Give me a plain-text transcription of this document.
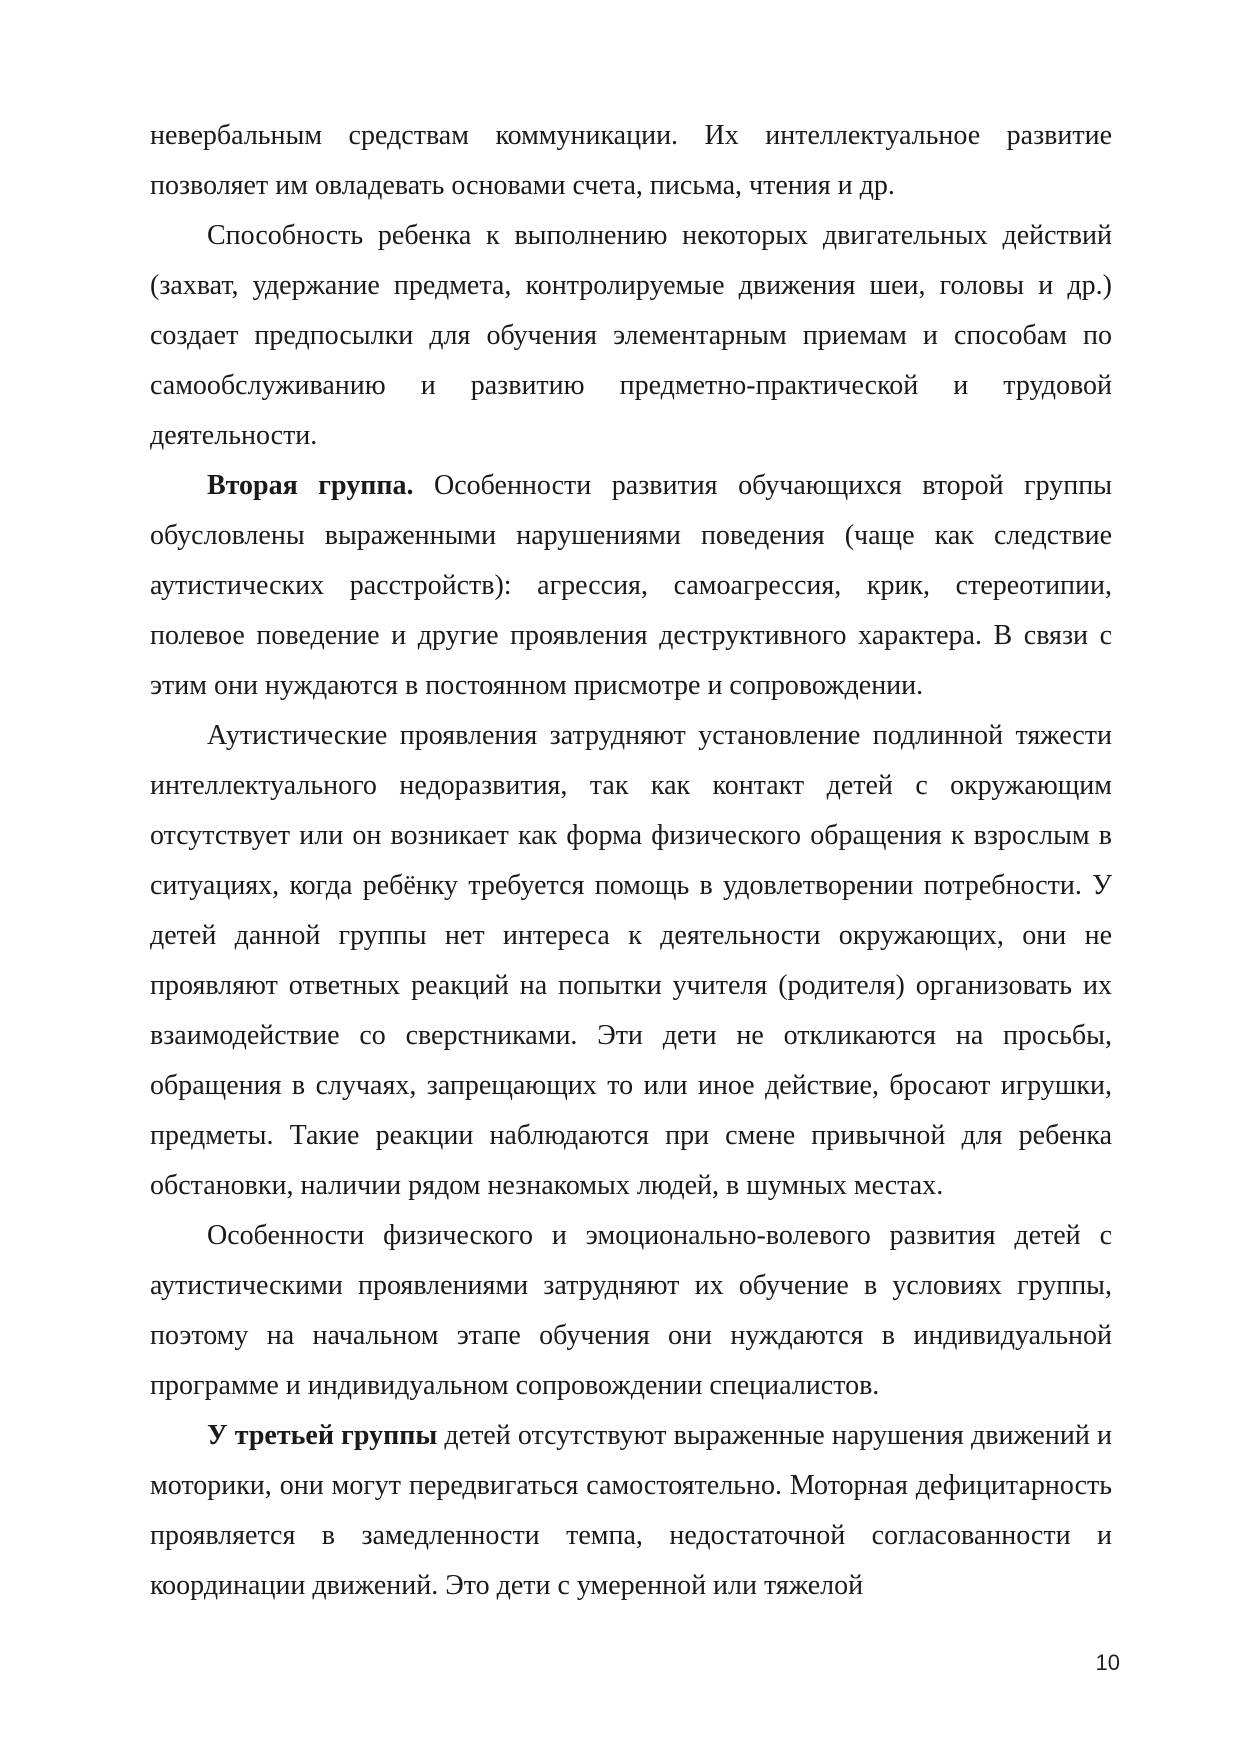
невербальным средствам коммуникации. Их интеллектуальное развитие позволяет им овладевать основами счета, письма, чтения и др.

Способность ребенка к выполнению некоторых двигательных действий (захват, удержание предмета, контролируемые движения шеи, головы и др.) создает предпосылки для обучения элементарным приемам и способам по самообслуживанию и развитию предметно-практической и трудовой деятельности.

Вторая группа. Особенности развития обучающихся второй группы обусловлены выраженными нарушениями поведения (чаще как следствие аутистических расстройств): агрессия, самоагрессия, крик, стереотипии, полевое поведение и другие проявления деструктивного характера. В связи с этим они нуждаются в постоянном присмотре и сопровождении.

Аутистические проявления затрудняют установление подлинной тяжести интеллектуального недоразвития, так как контакт детей с окружающим отсутствует или он возникает как форма физического обращения к взрослым в ситуациях, когда ребёнку требуется помощь в удовлетворении потребности. У детей данной группы нет интереса к деятельности окружающих, они не проявляют ответных реакций на попытки учителя (родителя) организовать их взаимодействие со сверстниками. Эти дети не откликаются на просьбы, обращения в случаях, запрещающих то или иное действие, бросают игрушки, предметы. Такие реакции наблюдаются при смене привычной для ребенка обстановки, наличии рядом незнакомых людей, в шумных местах.

Особенности физического и эмоционально-волевого развития детей с аутистическими проявлениями затрудняют их обучение в условиях группы, поэтому на начальном этапе обучения они нуждаются в индивидуальной программе и индивидуальном сопровождении специалистов.

У третьей группы детей отсутствуют выраженные нарушения движений и моторики, они могут передвигаться самостоятельно. Моторная дефицитарность проявляется в замедленности темпа, недостаточной согласованности и координации движений. Это дети с умеренной или тяжелой

10
